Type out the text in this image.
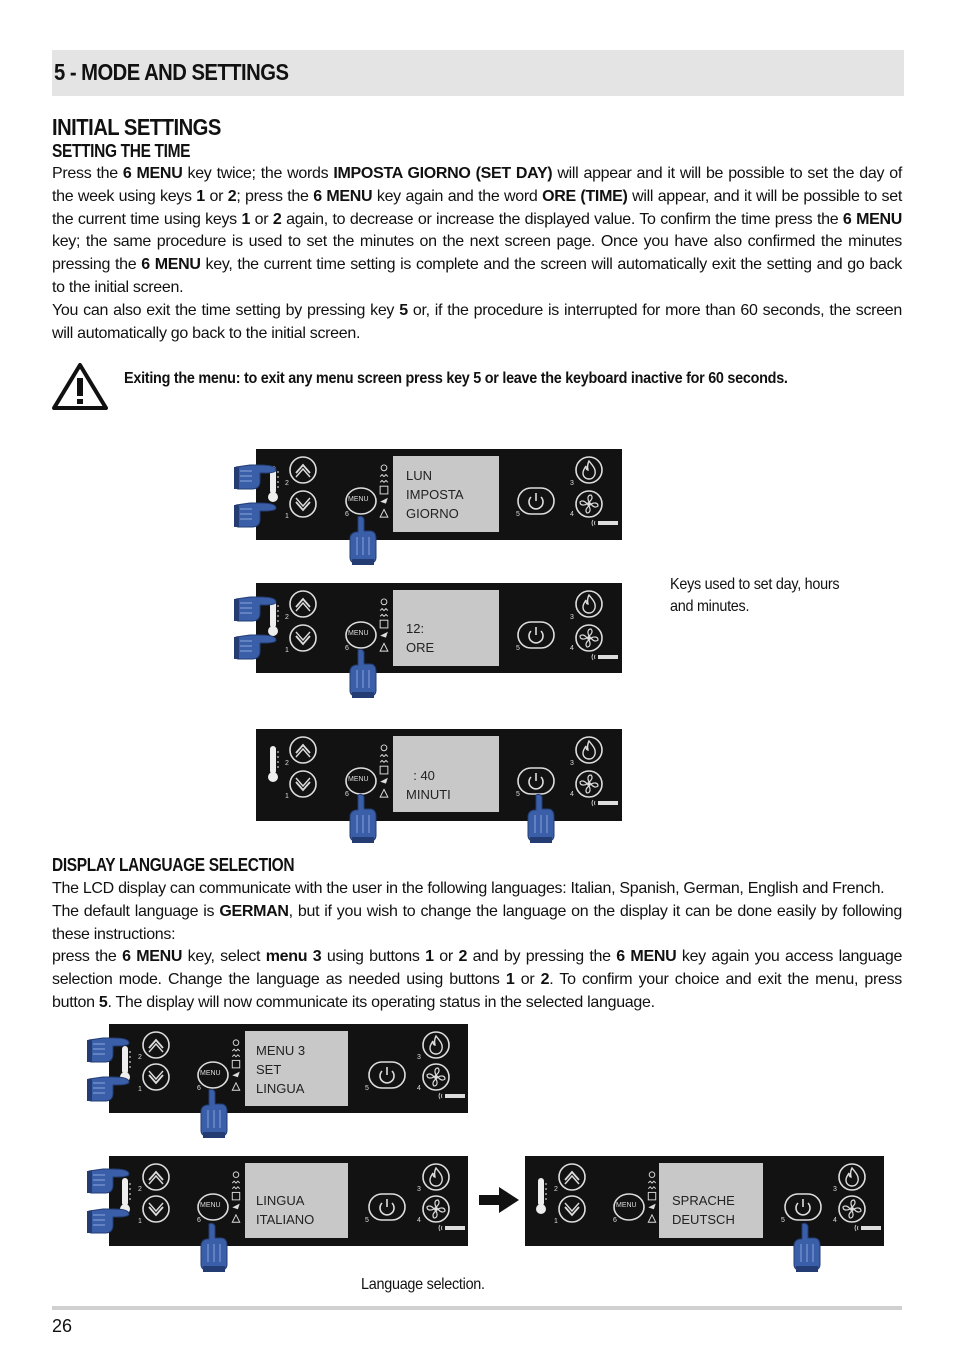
5 - MODE AND SETTINGS
INITIAL SETTINGS
SETTING THE TIME

Press the 6 MENU key twice; the words IMPOSTA GIORNO (SET DAY) will appear and it will be possible to set the day of the week using keys 1 or 2; press the 6 MENU key again and the word ORE (TIME) will appear, and it will be possible to set the current time using keys 1 or 2 again, to decrease or increase the displayed value. To confirm the time press the 6 MENU key; the same procedure is used to set the minutes on the next screen page. Once you have also confirmed the minutes pressing the 6 MENU key, the current time setting is complete and the screen will automatically exit the setting and go back to the initial screen.

You can also exit the time setting by pressing key 5 or, if the procedure is interrupted for more than 60 seconds, the screen will automatically go back to the initial screen.

Exiting the menu: to exit any menu screen press key 5 or leave the keyboard inactive for 60 seconds.
2
1
MENU
6
LUN
IMPOSTA
GIORNO	5
3
4
2
1
MENU
6
12:
ORE	5
3
4
Keys used to set day, hours
and minutes.
2
1
MENU
6
: 40
MINUTI	5
3
4
DISPLAY LANGUAGE SELECTION

The LCD display can communicate with the user in the following languages: Italian, Spanish, German, English and French.

The default language is GERMAN, but if you wish to change the language on the display it can be done easily by following these instructions:

press the 6 MENU key, select menu 3 using buttons 1 or 2 and by pressing the 6 MENU key again you access language selection mode. Change the language as needed using buttons 1 or 2. To confirm your choice and exit the menu, press button 5. The display will now communicate its operating status in the selected language.

2
1
MENU
6
MENU 3
SET
LINGUA	5
3
4
2
1
MENU
6
LINGUA
ITALIANO	5
3
4
2
1
MENU
6
SPRACHE
DEUTSCH	5
3
4
Language selection.
26
